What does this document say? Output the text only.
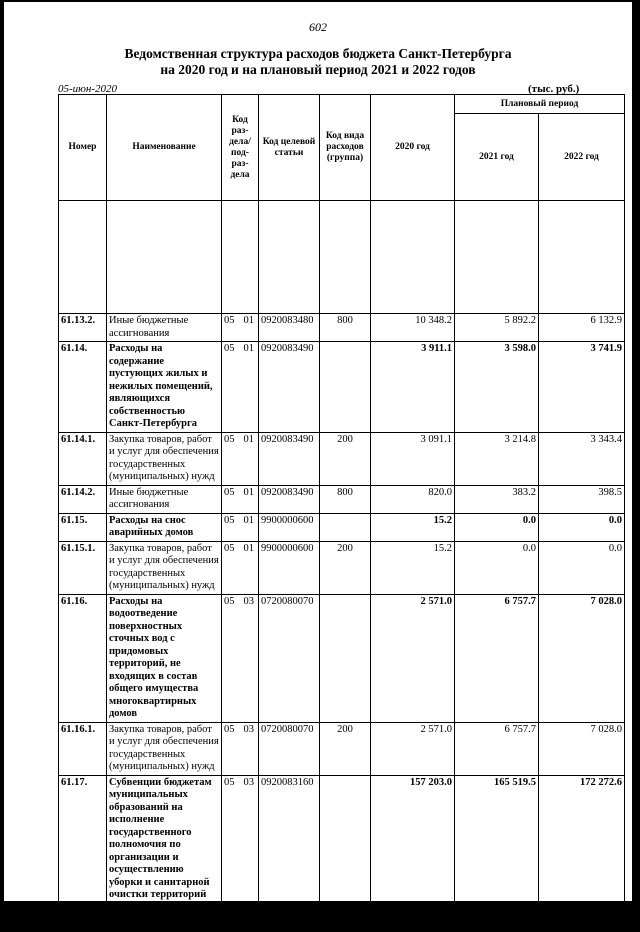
602
Ведомственная структура расходов бюджета Санкт-Петербурга
на 2020 год и на плановый период 2021 и 2022 годов
05-июн-2020	(тыс. руб.)
Номер	Наименование	Код раз-дела/ под-раз-дела	Код целевой статьи	Код вида расходов (группа)	2020 год	Плановый период	
						2021 год	2022 год

61.13.2.	Иные бюджетные ассигнования	05 01	0920083480	800	10 348.2	5 892.2	6 132.9
61.14.	Расходы на содержание пустующих жилых и нежилых помещений, являющихся собственностью Санкт-Петербурга	05 01	0920083490		3 911.1	3 598.0	3 741.9
61.14.1.	Закупка товаров, работ и услуг для обеспечения государственных (муниципальных) нужд	05 01	0920083490	200	3 091.1	3 214.8	3 343.4
61.14.2.	Иные бюджетные ассигнования	05 01	0920083490	800	820.0	383.2	398.5
61.15.	Расходы на снос аварийных домов	05 01	9900000600		15.2	0.0	0.0
61.15.1.	Закупка товаров, работ и услуг для обеспечения государственных (муниципальных) нужд	05 01	9900000600	200	15.2	0.0	0.0
61.16.	Расходы на водоотведение поверхностных сточных вод с придомовых территорий, не входящих в состав общего имущества многоквартирных домов	05 03	0720080070		2 571.0	6 757.7	7 028.0
61.16.1.	Закупка товаров, работ и услуг для обеспечения государственных (муниципальных) нужд	05 03	0720080070	200	2 571.0	6 757.7	7 028.0
61.17.	Субвенции бюджетам муниципальных образований на исполнение государственного полномочия по организации и осуществлению уборки и санитарной очистки территорий	05 03	0920083160		157 203.0	165 519.5	172 272.6
61.17.1.	Межбюджетные трансферты	05 03	0920083160	500	157 203.0	165 519.5	172 272.6
